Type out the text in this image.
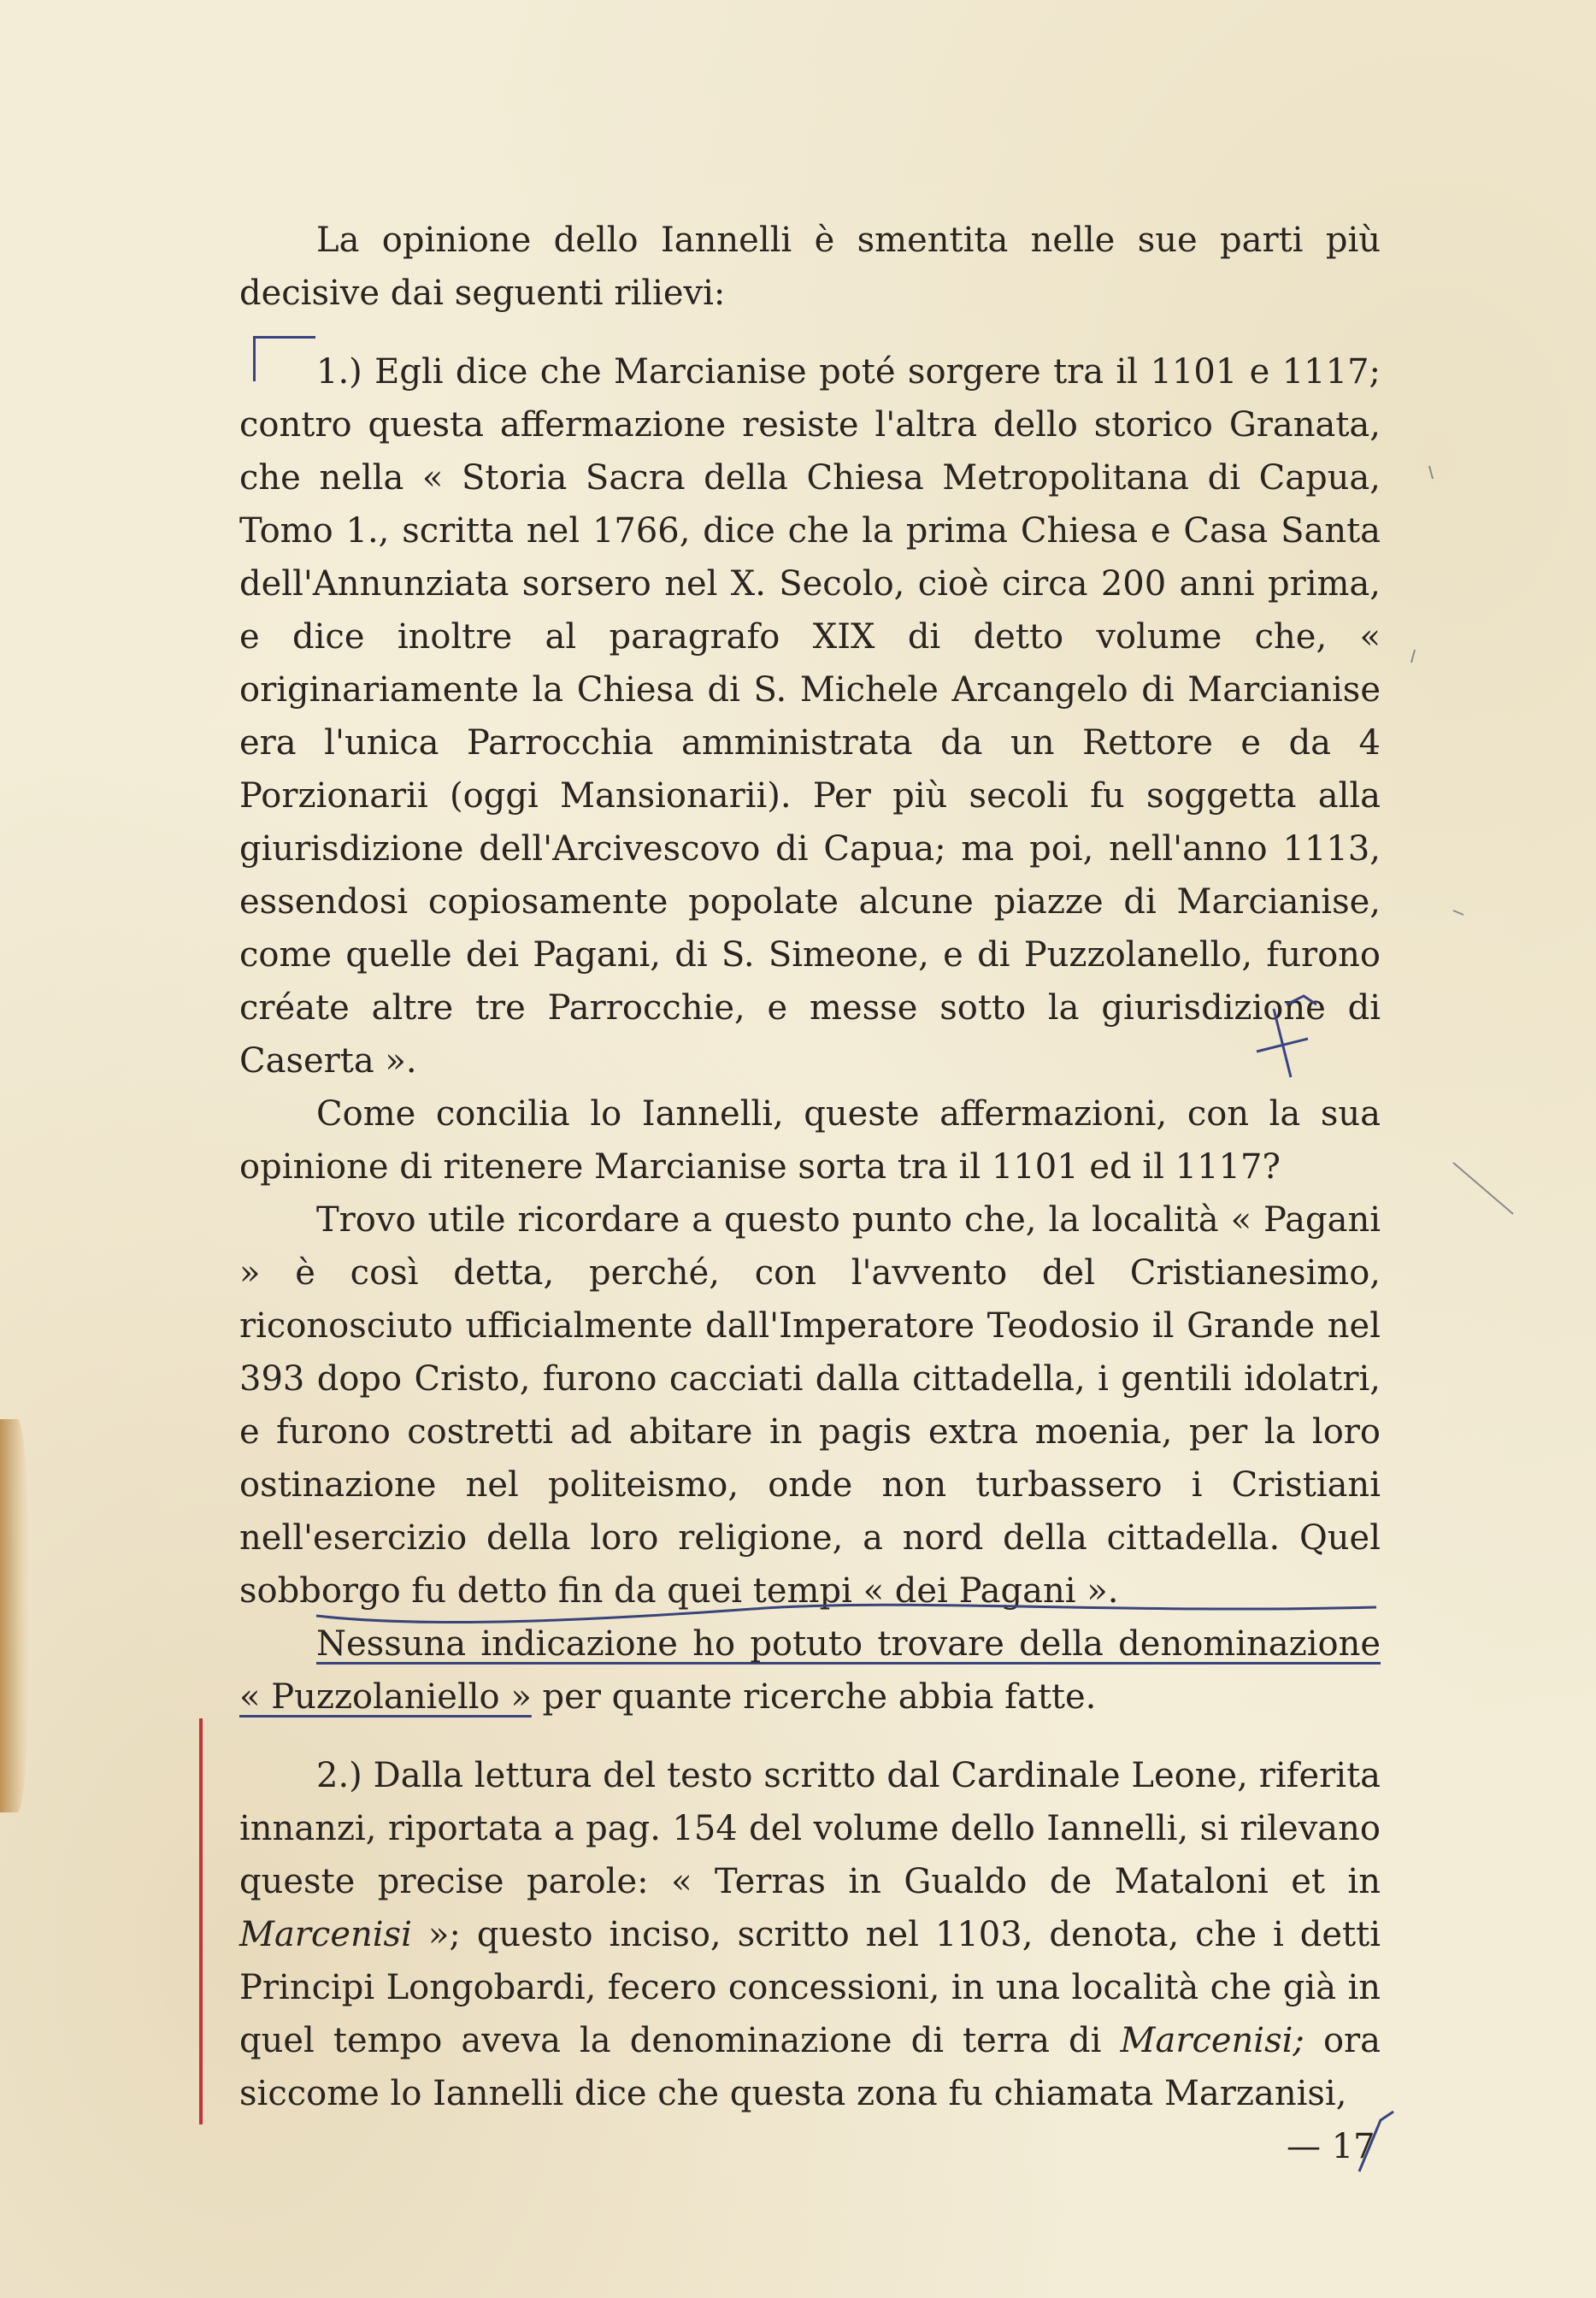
La opinione dello Iannelli è smentita nelle sue parti più decisive dai seguenti rilievi:

1.) Egli dice che Marcianise poté sorgere tra il 1101 e 1117; contro questa affermazione resiste l'altra dello storico Granata, che nella « Storia Sacra della Chiesa Metropolitana di Capua, Tomo 1., scritta nel 1766, dice che la prima Chiesa e Casa Santa dell'Annunziata sorsero nel X. Secolo, cioè circa 200 anni prima, e dice inoltre al paragrafo XIX di detto volume che, « originariamente la Chiesa di S. Michele Arcangelo di Marcianise era l'unica Parrocchia amministrata da un Rettore e da 4 Porzionarii (oggi Mansionarii). Per più secoli fu soggetta alla giurisdizione dell'Arcivescovo di Capua; ma poi, nell'anno 1113, essendosi copiosamente popolate alcune piazze di Marcianise, come quelle dei Pagani, di S. Simeone, e di Puzzolanello, furono créate altre tre Parrocchie, e messe sotto la giurisdizione di Caserta ».

Come concilia lo Iannelli, queste affermazioni, con la sua opinione di ritenere Marcianise sorta tra il 1101 ed il 1117?

Trovo utile ricordare a questo punto che, la località « Pagani » è così detta, perché, con l'avvento del Cristianesimo, riconosciuto ufficialmente dall'Imperatore Teodosio il Grande nel 393 dopo Cristo, furono cacciati dalla cittadella, i gentili idolatri, e furono costretti ad abitare in pagis extra moenia, per la loro ostinazione nel politeismo, onde non turbassero i Cristiani nell'esercizio della loro religione, a nord della cittadella. Quel sobborgo fu detto fin da quei tempi « dei Pagani ».

Nessuna indicazione ho potuto trovare della denominazione « Puzzolaniello » per quante ricerche abbia fatte.

2.) Dalla lettura del testo scritto dal Cardinale Leone, riferita innanzi, riportata a pag. 154 del volume dello Iannelli, si rilevano queste precise parole: « Terras in Gualdo de Mataloni et in Marcenisi »; questo inciso, scritto nel 1103, denota, che i detti Principi Longobardi, fecero concessioni, in una località che già in quel tempo aveva la denominazione di terra di Marcenisi; ora siccome lo Iannelli dice che questa zona fu chiamata Marzanisi,

— 17
